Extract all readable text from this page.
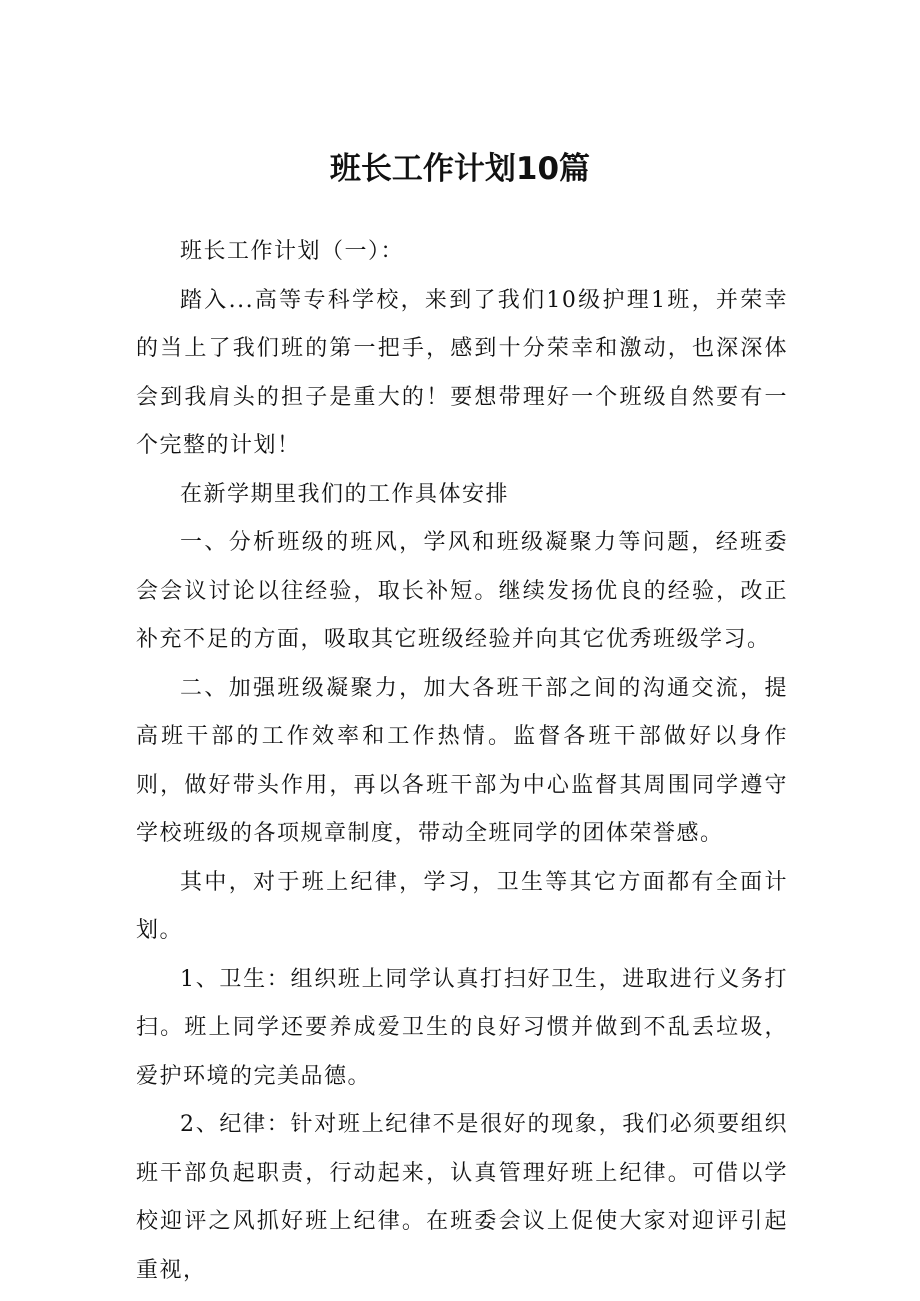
班长工作计划10篇

班长工作计划（一）：

踏入...高等专科学校，来到了我们10级护理1班，并荣幸的当上了我们班的第一把手，感到十分荣幸和激动，也深深体会到我肩头的担子是重大的！要想带理好一个班级自然要有一个完整的计划！

在新学期里我们的工作具体安排

一、分析班级的班风，学风和班级凝聚力等问题，经班委会会议讨论以往经验，取长补短。继续发扬优良的经验，改正补充不足的方面，吸取其它班级经验并向其它优秀班级学习。

二、加强班级凝聚力，加大各班干部之间的沟通交流，提高班干部的工作效率和工作热情。监督各班干部做好以身作则，做好带头作用，再以各班干部为中心监督其周围同学遵守学校班级的各项规章制度，带动全班同学的团体荣誉感。

其中，对于班上纪律，学习，卫生等其它方面都有全面计划。

1、卫生：组织班上同学认真打扫好卫生，进取进行义务打扫。班上同学还要养成爱卫生的良好习惯并做到不乱丢垃圾，爱护环境的完美品德。

2、纪律：针对班上纪律不是很好的现象，我们必须要组织班干部负起职责，行动起来，认真管理好班上纪律。可借以学校迎评之风抓好班上纪律。在班委会议上促使大家对迎评引起重视，
